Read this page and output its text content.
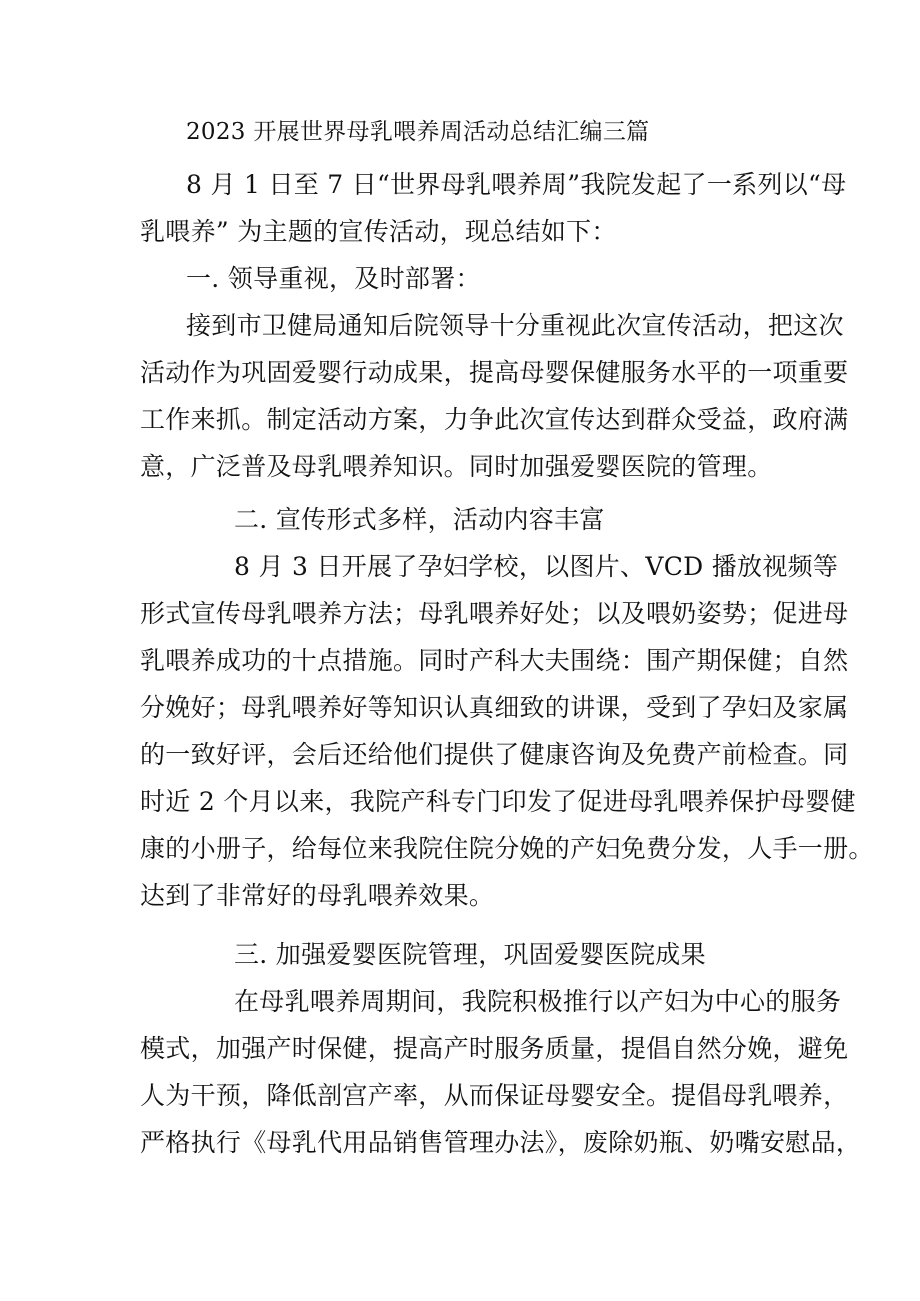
2023 开展世界母乳喂养周活动总结汇编三篇
8 月 1 日至 7 日“世界母乳喂养周”我院发起了一系列以“母
乳喂养” 为主题的宣传活动，现总结如下：
一. 领导重视，及时部署：
接到市卫健局通知后院领导十分重视此次宣传活动，把这次
活动作为巩固爱婴行动成果，提高母婴保健服务水平的一项重要
工作来抓。制定活动方案，力争此次宣传达到群众受益，政府满
意，广泛普及母乳喂养知识。同时加强爱婴医院的管理。
二. 宣传形式多样，活动内容丰富
8 月 3 日开展了孕妇学校，以图片、VCD 播放视频等
形式宣传母乳喂养方法；母乳喂养好处；以及喂奶姿势；促进母
乳喂养成功的十点措施。同时产科大夫围绕：围产期保健；自然
分娩好；母乳喂养好等知识认真细致的讲课，受到了孕妇及家属
的一致好评，会后还给他们提供了健康咨询及免费产前检查。同
时近 2 个月以来，我院产科专门印发了促进母乳喂养保护母婴健
康的小册子，给每位来我院住院分娩的产妇免费分发，人手一册。
达到了非常好的母乳喂养效果。
三. 加强爱婴医院管理，巩固爱婴医院成果
在母乳喂养周期间，我院积极推行以产妇为中心的服务
模式，加强产时保健，提高产时服务质量，提倡自然分娩，避免
人为干预，降低剖宫产率，从而保证母婴安全。提倡母乳喂养，
严格执行《母乳代用品销售管理办法》，废除奶瓶、奶嘴安慰品，
